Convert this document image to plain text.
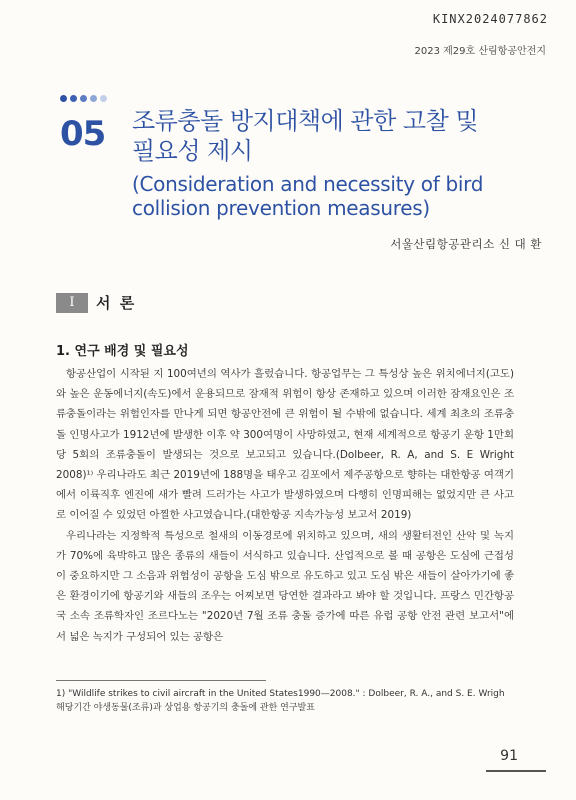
KINX2024077862
2023 제29호 산림항공안전지
05 조류충돌 방지대책에 관한 고찰 및
필요성 제시
(Consideration and necessity of bird
collision prevention measures)
서울산림항공관리소 신 대 환
I	서 론
1. 연구 배경 및 필요성

항공산업이 시작된 지 100여년의 역사가 흘렀습니다. 항공업무는 그 특성상 높은 위치에너지(고도)와 높은 운동에너지(속도)에서 운용되므로 잠재적 위험이 항상 존재하고 있으며 이러한 잠재요인은 조류충돌이라는 위험인자를 만나게 되면 항공안전에 큰 위험이 될 수밖에 없습니다. 세계 최초의 조류충돌 인명사고가 1912년에 발생한 이후 약 300여명이 사망하였고, 현재 세계적으로 항공기 운항 1만회당 5회의 조류충돌이 발생되는 것으로 보고되고 있습니다.(Dolbeer, R. A, and S. E Wright 2008)¹⁾ 우리나라도 최근 2019년에 188명을 태우고 김포에서 제주공항으로 향하는 대한항공 여객기에서 이륙직후 엔진에 새가 빨려 드러가는 사고가 발생하였으며 다행히 인명피해는 없었지만 큰 사고로 이어질 수 있었던 아찔한 사고였습니다.(대한항공 지속가능성 보고서 2019)

우리나라는 지정학적 특성으로 철새의 이동경로에 위치하고 있으며, 새의 생활터전인 산악 및 녹지가 70%에 육박하고 많은 종류의 새들이 서식하고 있습니다. 산업적으로 볼 때 공항은 도심에 근접성이 중요하지만 그 소음과 위험성이 공항을 도심 밖으로 유도하고 있고 도심 밖은 새들이 살아가기에 좋은 환경이기에 항공기와 새들의 조우는 어찌보면 당연한 결과라고 봐야 할 것입니다. 프랑스 민간항공국 소속 조류학자인 조르다노는 "2020년 7월 조류 충돌 증가에 따른 유럽 공항 안전 관련 보고서"에서 넓은 녹지가 구성되어 있는 공항은

1) "Wildlife strikes to civil aircraft in the United States1990—2008." : Dolbeer, R. A., and S. E. Wrigh
해당기간 야생동물(조류)과 상업용 항공기의 충돌에 관한 연구발표
91
